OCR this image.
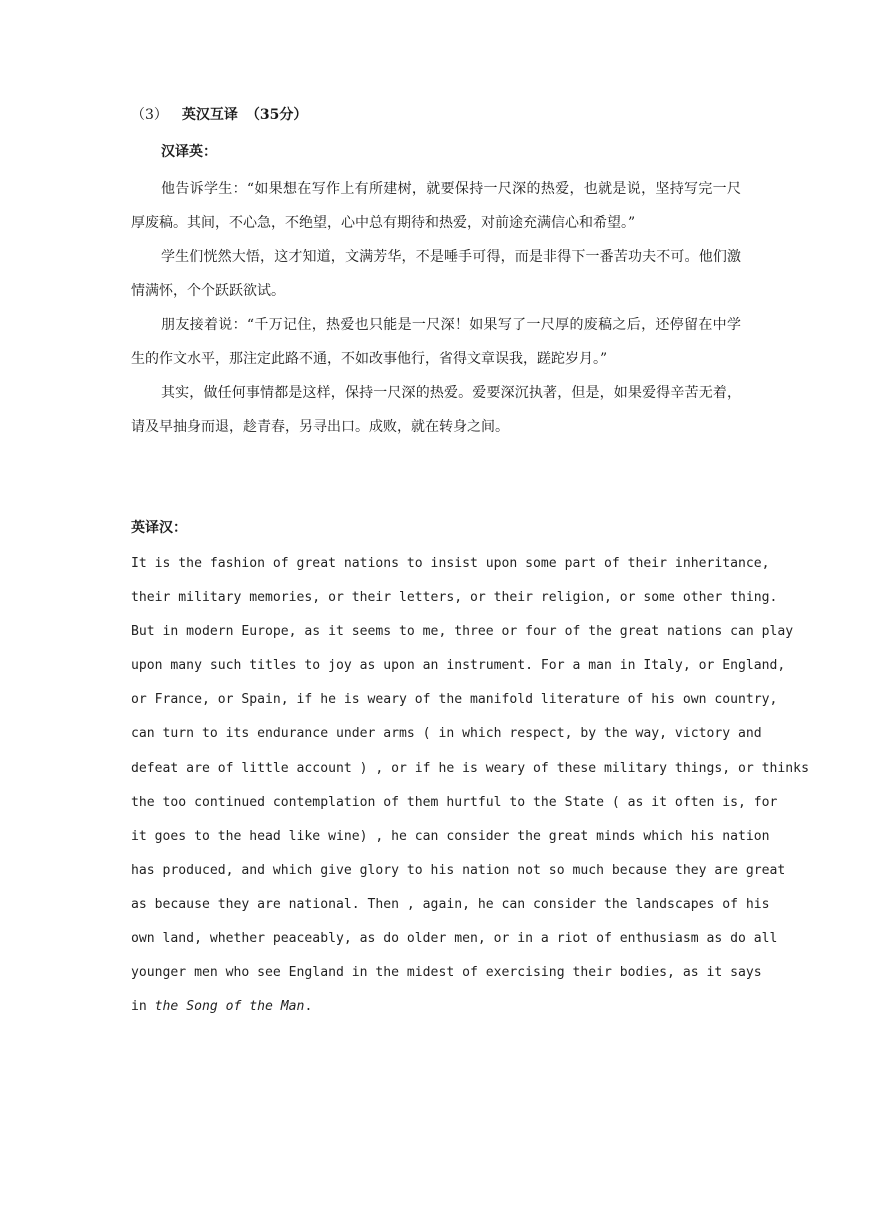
（3） 英汉互译 （35分）
汉译英：

他告诉学生：“如果想在写作上有所建树，就要保持一尺深的热爱，也就是说，坚持写完一尺厚废稿。其间，不心急，不绝望，心中总有期待和热爱，对前途充满信心和希望。”

学生们恍然大悟，这才知道，文满芳华，不是唾手可得，而是非得下一番苦功夫不可。他们激情满怀，个个跃跃欲试。

朋友接着说：“千万记住，热爱也只能是一尺深！如果写了一尺厚的废稿之后，还停留在中学生的作文水平，那注定此路不通，不如改事他行，省得文章误我，蹉跎岁月。”

其实，做任何事情都是这样，保持一尺深的热爱。爱要深沉执著，但是，如果爱得辛苦无着，请及早抽身而退，趁青春，另寻出口。成败，就在转身之间。

英译汉：
It is the fashion of great nations to insist upon some part of their inheritance,
their military memories, or their letters, or their religion, or some other thing.
But in modern Europe, as it seems to me, three or four of the great nations can play
upon many such titles to joy as upon an instrument. For a man in Italy, or England,
or France, or Spain, if he is weary of the manifold literature of his own country,
can turn to its endurance under arms ( in which respect, by the way, victory and
defeat are of little account ) , or if he is weary of these military things, or thinks
the too continued contemplation of them hurtful to the State ( as it often is, for
it goes to the head like wine) , he can consider the great minds which his nation
has produced, and which give glory to his nation not so much because they are great
as because they are national. Then , again, he can consider the landscapes of his
own land, whether peaceably, as do older men, or in a riot of enthusiasm as do all
younger men who see England in the midest of exercising their bodies, as it says
in the Song of the Man.
